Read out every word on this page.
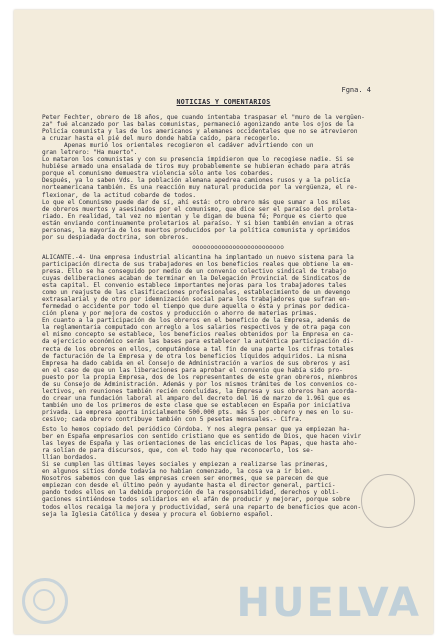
Fgna. 4
NOTICIAS Y COMENTARIOS
Peter Fechter, obrero de 18 años, que cuando intentaba traspasar el "muro de la vergüen-
za" fué alcanzado por las balas comunistas, permaneció agonizando ante los ojos de la
Policía comunista y las de los americanos y alemanes occidentales que no se atrevieron
a cruzar hasta el pié del muro donde había caído, para recogerlo.
Apenas murió los orientales recogieron el cadáver advirtiendo con un
gran letrero: "Ha muerto".
Lo mataron los comunistas y con su presencia impidieron que lo recogiese nadie. Si se
hubiése armado una ensalada de tiros muy probablemente se hubieran echado para atrás
porque el comunismo demuestra violencia sólo ante los cobardes.
Después, ya lo saben Vds. la población alemana apedrea camiones rusos y a la policía
norteamericana también. Es una reacción muy natural producida por la vergüenza, el re-
flexionar, de la actitud cobarde de todos.
Lo que el Comunismo puede dar de sí, ahí está: otro obrero más que sumar a los miles
de obreros muertos y asesinados por el comunismo, que dice ser el paraíso del proleta-
riado. En realidad, tal vez no mientan y le digan de buena fé; Porque es cierto que
están enviando continuamente proletarios al paraíso. Y si bien también envían a otras
personas, la mayoría de los muertos producidos por la política comunista y oprimidos
por su despiadada doctrina, son obreros.
ooooooooooooooooooooooooo
ALICANTE.-4- Una empresa industrial alicantina ha implantado un nuevo sistema para la
participación directa de sus trabajadores en los beneficios reales que obtiene la em-
presa. Ello se ha conseguido por medio de un convenio colectivo sindical de trabajo
cuyas deliberaciones acaban de terminar en la Delegación Provincial de Sindicatos de
esta capital. El convenio establece importantes mejoras para los trabajadores tales
como un reajuste de las clasificaciones profesionales, establecimiento de un devengo
extrasalarial y de otro por idemnización social para los trabajadores que sufran en-
fermedad o accidente por todo el tiempo que dure aquella o ésta y primas por dedica-
ción plena y por mejora de costos y producción o ahorro de materias primas.
En cuanto a la participación de los obreros en el beneficio de la Empresa, además de
la reglamentaria computado con arreglo a los salarios respectivos y de otra paga con
el mismo concepto se establece, los beneficios reales obtenidos por la Empresa en ca-
da ejercicio económico serán las bases para establecer la auténtica participación di-
recta de los obreros en ellos, computándose a tal fin de una parte los cifras totales
de facturación de la Empresa y de otra los beneficios líquidos adquiridos. La misma
Empresa ha dado cabida en el Consejo de Administración a varios de sus obreros y así
en el caso de que un las liberaciones para aprobar el convenio que había sido pro-
puesto por la propia Empresa, dos de los representantes de este gran obreros, miembros
de su Consejo de Administración. Además y por los mismos trámites de los convenios co-
lectivos, en reuniones también recién concluídas, la Empresa y sus obreros han acorda-
do crear una fundación laboral al amparo del decreto del 16 de marzo de 1.961 que es
también uno de los primeros de este clase que se establecen en España por iniciativa
privada. La empresa aporta inicialmente 500.000 pts. más 5 por obrero y mes en lo su-
cesivo; cada obrero contribuye también con 5 pesetas mensuales.- Cifra.
Esto lo hemos copiado del periódico Córdoba. Y nos alegra pensar que ya empiezan ha-
ber en España empresarios con sentido cristiano que es sentido de Dios, que hacen vivir
las leyes de España y las orientaciones de las encíclicas de los Papas, que hasta aho-
ra solían de para discursos, que, con el todo hay que reconocerlo, los se-
llían bordados.
Si se cumplen las últimas leyes sociales y empiezan a realizarse las primeras,
en algunos sitios donde todavía no habían comenzado, la cosa va a ir bien.
Nosotros sabemos con que las empresas creen ser enormes, que se parecen de que
empiezan con desde el último peón y ayudante hasta el director general, partici-
pando todos ellos en la debida proporción de la responsabilidad, derechos y obli-
gaciones sintiéndose todos solidarios en el afán de producir y mejorar, porque sobre
todos ellos recaiga la mejora y productividad, será una reparto de beneficios que acon-
seja la Iglesia Católica y desea y procura el Gobierno español.
HUELVA
